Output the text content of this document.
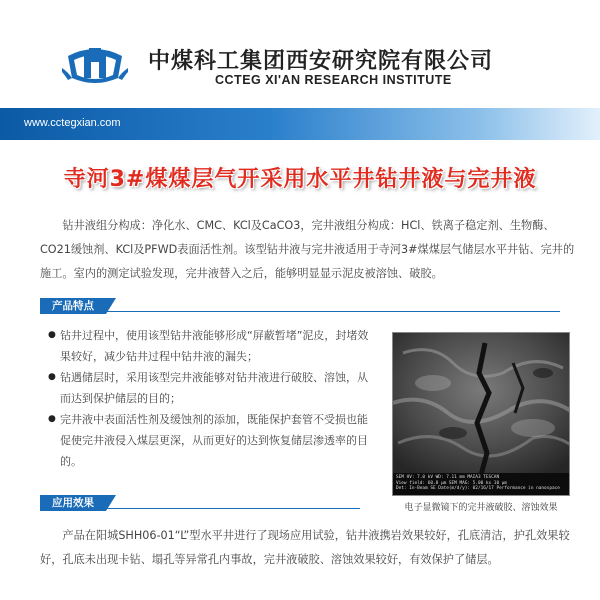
中煤科工集团西安研究院有限公司
CCTEG XI'AN RESEARCH INSTITUTE
www.cctegxian.com
寺河3#煤煤层气开采用水平井钻井液与完井液

钻井液组分构成：净化水、CMC、KCl及CaCO3，完井液组分构成：HCl、铁离子稳定剂、生物酶、CO21缓蚀剂、KCl及PFWD表面活性剂。该型钻井液与完井液适用于寺河3#煤煤层气储层水平井钻、完井的施工。室内的测定试验发现，完井液替入之后，能够明显显示泥皮被溶蚀、破胶。

产品特点
● 钻井过程中，使用该型钻井液能够形成“屏蔽暂堵”泥皮，封堵效果较好，减少钻井过程中钻井液的漏失；
● 钻遇储层时，采用该型完井液能够对钻井液进行破胶、溶蚀，从而达到保护储层的目的；
● 完井液中表面活性剂及缓蚀剂的添加，既能保护套管不受损也能促使完井液侵入煤层更深，从而更好的达到恢复储层渗透率的目的。
SEM HV: 7.0 kV WD: 7.11 mm MAIA3 TESCAN
View field: 60.8 μm SEM MAG: 5.00 kx 10 μm
Det: In-Beam SE Date(m/d/y): 02/16/17 Performance in nanospace
电子显微镜下的完井液破胶、溶蚀效果
应用效果

产品在阳城SHH06-01“L”型水平井进行了现场应用试验，钻井液携岩效果较好，孔底清洁，护孔效果较好，孔底未出现卡钻、塌孔等异常孔内事故，完井液破胶、溶蚀效果较好，有效保护了储层。
